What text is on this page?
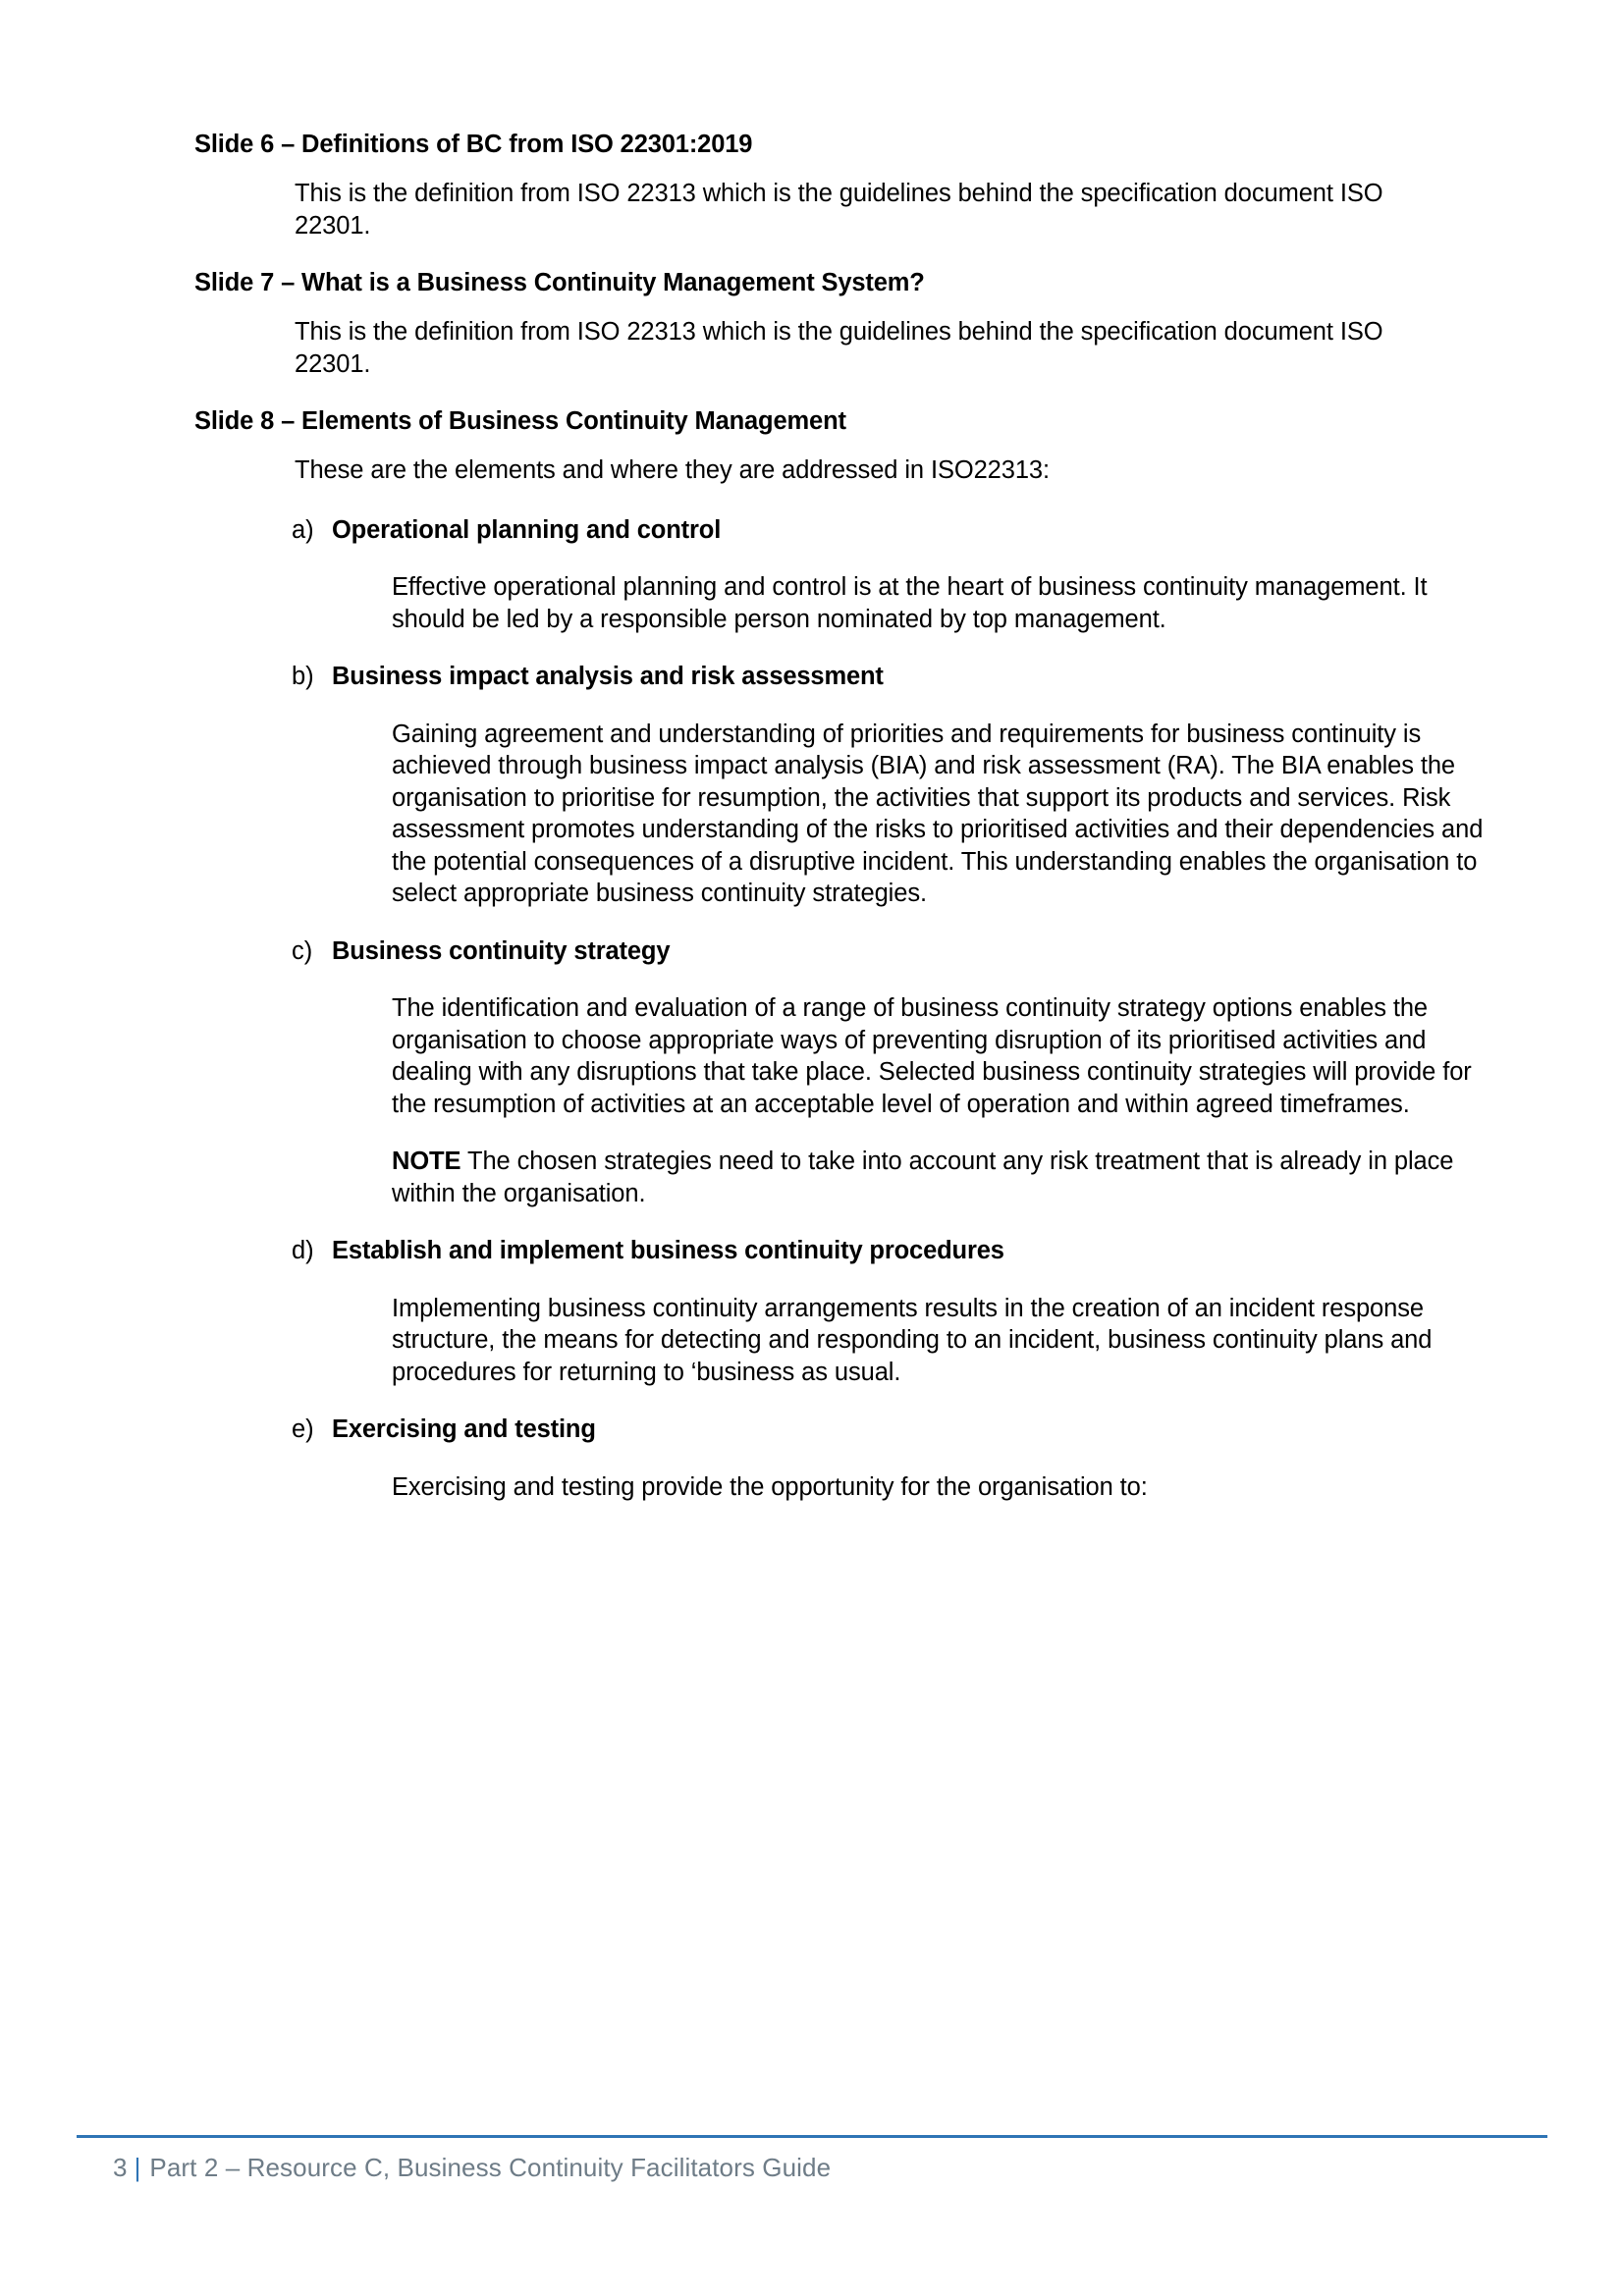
Slide 6 – Definitions of BC from ISO 22301:2019

This is the definition from ISO 22313 which is the guidelines behind the specification document ISO 22301.

Slide 7 – What is a Business Continuity Management System?

This is the definition from ISO 22313 which is the guidelines behind the specification document ISO 22301.

Slide 8 – Elements of Business Continuity Management

These are the elements and where they are addressed in ISO22313:

a) Operational planning and control

Effective operational planning and control is at the heart of business continuity management. It should be led by a responsible person nominated by top management.

b) Business impact analysis and risk assessment

Gaining agreement and understanding of priorities and requirements for business continuity is achieved through business impact analysis (BIA) and risk assessment (RA). The BIA enables the organisation to prioritise for resumption, the activities that support its products and services. Risk assessment promotes understanding of the risks to prioritised activities and their dependencies and the potential consequences of a disruptive incident. This understanding enables the organisation to select appropriate business continuity strategies.

c) Business continuity strategy

The identification and evaluation of a range of business continuity strategy options enables the organisation to choose appropriate ways of preventing disruption of its prioritised activities and dealing with any disruptions that take place. Selected business continuity strategies will provide for the resumption of activities at an acceptable level of operation and within agreed timeframes.

NOTE The chosen strategies need to take into account any risk treatment that is already in place within the organisation.

d) Establish and implement business continuity procedures

Implementing business continuity arrangements results in the creation of an incident response structure, the means for detecting and responding to an incident, business continuity plans and procedures for returning to ‘business as usual.

e) Exercising and testing

Exercising and testing provide the opportunity for the organisation to:

3 | Part 2 – Resource C, Business Continuity Facilitators Guide
